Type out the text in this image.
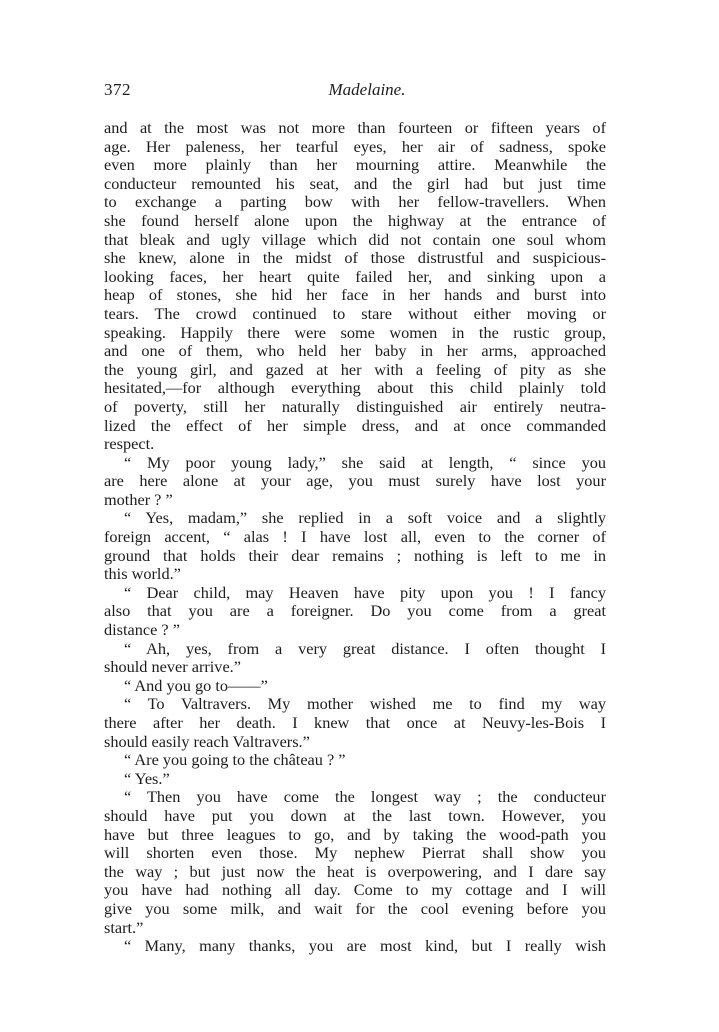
372	Madelaine.
and at the most was not more than fourteen or fifteen years of
age. Her paleness, her tearful eyes, her air of sadness, spoke
even more plainly than her mourning attire. Meanwhile the
conducteur remounted his seat, and the girl had but just time
to exchange a parting bow with her fellow-travellers. When
she found herself alone upon the highway at the entrance of
that bleak and ugly village which did not contain one soul whom
she knew, alone in the midst of those distrustful and suspicious-
looking faces, her heart quite failed her, and sinking upon a
heap of stones, she hid her face in her hands and burst into
tears. The crowd continued to stare without either moving or
speaking. Happily there were some women in the rustic group,
and one of them, who held her baby in her arms, approached
the young girl, and gazed at her with a feeling of pity as she
hesitated,—for although everything about this child plainly told
of poverty, still her naturally distinguished air entirely neutra-
lized the effect of her simple dress, and at once commanded
respect.
“ My poor young lady,” she said at length, “ since you
are here alone at your age, you must surely have lost your
mother ? ”
“ Yes, madam,” she replied in a soft voice and a slightly
foreign accent, “ alas ! I have lost all, even to the corner of
ground that holds their dear remains ; nothing is left to me in
this world.”
“ Dear child, may Heaven have pity upon you ! I fancy
also that you are a foreigner. Do you come from a great
distance ? ”
“ Ah, yes, from a very great distance. I often thought I
should never arrive.”
“ And you go to——”
“ To Valtravers. My mother wished me to find my way
there after her death. I knew that once at Neuvy-les-Bois I
should easily reach Valtravers.”
“ Are you going to the château ? ”
“ Yes.”
“ Then you have come the longest way ; the conducteur
should have put you down at the last town. However, you
have but three leagues to go, and by taking the wood-path you
will shorten even those. My nephew Pierrat shall show you
the way ; but just now the heat is overpowering, and I dare say
you have had nothing all day. Come to my cottage and I will
give you some milk, and wait for the cool evening before you
start.”
“ Many, many thanks, you are most kind, but I really wish
